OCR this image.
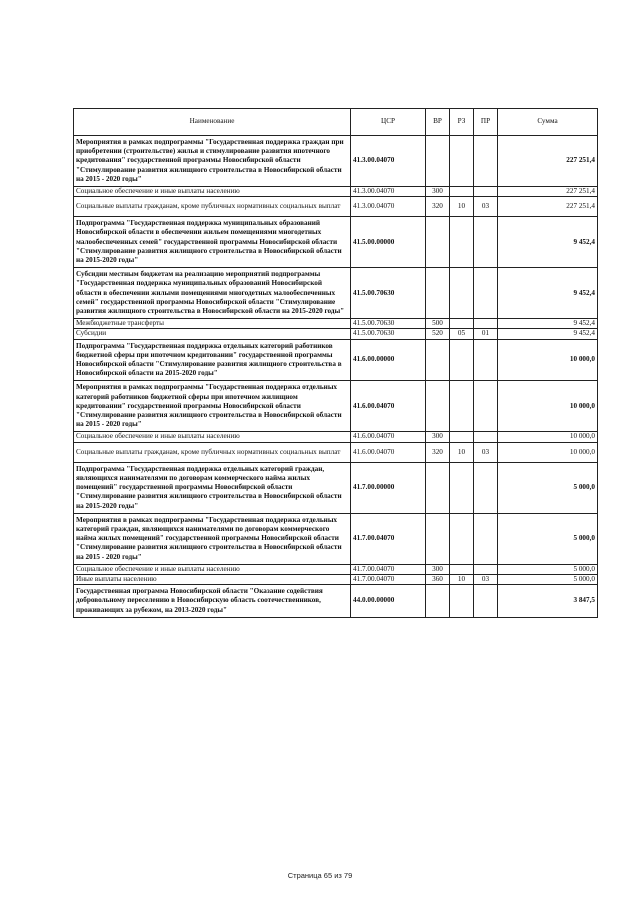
Наименование	ЦСР	ВР	РЗ	ПР	Сумма
Мероприятия в рамках подпрограммы "Государственная поддержка граждан при приобретении (строительстве) жилья и стимулирование развития ипотечного кредитования" государственной программы Новосибирской области "Стимулирование развития жилищного строительства в Новосибирской области на 2015 - 2020 годы"	41.3.00.04070				227 251,4
Социальное обеспечение и иные выплаты населению	41.3.00.04070	300			227 251,4
Социальные выплаты гражданам, кроме публичных нормативных социальных выплат	41.3.00.04070	320	10	03	227 251,4
Подпрограмма "Государственная поддержка муниципальных образований Новосибирской области в обеспечении жильем помещениями многодетных малообеспеченных семей" государственной программы Новосибирской области "Стимулирование развития жилищного строительства в Новосибирской области на 2015-2020 годы"	41.5.00.00000				9 452,4
Субсидии местным бюджетам на реализацию мероприятий подпрограммы "Государственная поддержка муниципальных образований Новосибирской области в обеспечении жилыми помещениями многодетных малообеспеченных семей" государственной программы Новосибирской области "Стимулирование развития жилищного строительства в Новосибирской области на 2015-2020 годы"	41.5.00.70630				9 452,4
Межбюджетные трансферты	41.5.00.70630	500			9 452,4
Субсидии	41.5.00.70630	520	05	01	9 452,4
Подпрограмма "Государственная поддержка отдельных категорий работников бюджетной сферы при ипотечном кредитовании" государственной программы Новосибирской области "Стимулирование развития жилищного строительства в Новосибирской области на 2015-2020 годы"	41.6.00.00000				10 000,0
Мероприятия в рамках подпрограммы "Государственная поддержка отдельных категорий работников бюджетной сферы при ипотечном жилищном кредитовании" государственной программы Новосибирской области "Стимулирование развития жилищного строительства в Новосибирской области на 2015 - 2020 годы"	41.6.00.04070				10 000,0
Социальное обеспечение и иные выплаты населению	41.6.00.04070	300			10 000,0
Социальные выплаты гражданам, кроме публичных нормативных социальных выплат	41.6.00.04070	320	10	03	10 000,0
Подпрограмма "Государственная поддержка отдельных категорий граждан, являющихся нанимателями по договорам коммерческого найма жилых помещений" государственной программы Новосибирской области "Стимулирование развития жилищного строительства в Новосибирской области на 2015-2020 годы"	41.7.00.00000				5 000,0
Мероприятия в рамках подпрограммы "Государственная поддержка отдельных категорий граждан, являющихся нанимателями по договорам коммерческого найма жилых помещений" государственной программы Новосибирской области "Стимулирование развития жилищного строительства в Новосибирской области на 2015 - 2020 годы"	41.7.00.04070				5 000,0
Социальное обеспечение и иные выплаты населению	41.7.00.04070	300			5 000,0
Иные выплаты населению	41.7.00.04070	360	10	03	5 000,0
Государственная программа Новосибирской области "Оказание содействия добровольному переселению в Новосибирскую область соотечественников, проживающих за рубежом, на 2013-2020 годы"	44.0.00.00000				3 847,5
Страница 65 из 79
